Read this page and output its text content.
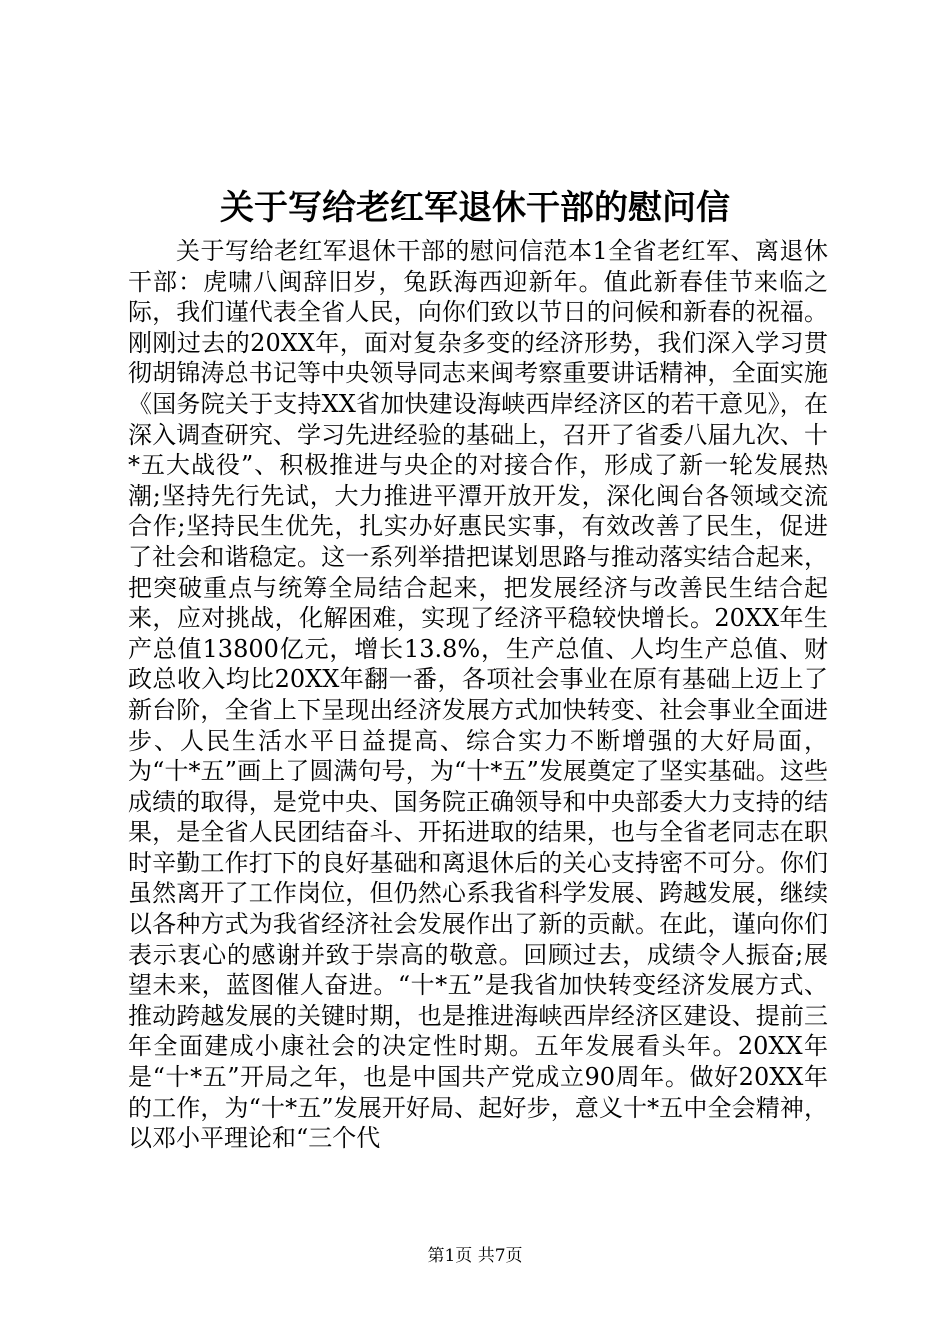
关于写给老红军退休干部的慰问信

关于写给老红军退休干部的慰问信范本1全省老红军、离退休干部：虎啸八闽辞旧岁，兔跃海西迎新年。值此新春佳节来临之际，我们谨代表全省人民，向你们致以节日的问候和新春的祝福。刚刚过去的20XX年，面对复杂多变的经济形势，我们深入学习贯彻胡锦涛总书记等中央领导同志来闽考察重要讲话精神，全面实施《国务院关于支持XX省加快建设海峡西岸经济区的若干意见》，在深入调查研究、学习先进经验的基础上，召开了省委八届九次、十*五大战役”、积极推进与央企的对接合作，形成了新一轮发展热潮;坚持先行先试，大力推进平潭开放开发，深化闽台各领域交流合作;坚持民生优先，扎实办好惠民实事，有效改善了民生，促进了社会和谐稳定。这一系列举措把谋划思路与推动落实结合起来，把突破重点与统筹全局结合起来，把发展经济与改善民生结合起来，应对挑战，化解困难，实现了经济平稳较快增长。20XX年生产总值13800亿元，增长13.8%，生产总值、人均生产总值、财政总收入均比20XX年翻一番，各项社会事业在原有基础上迈上了新台阶，全省上下呈现出经济发展方式加快转变、社会事业全面进步、人民生活水平日益提高、综合实力不断增强的大好局面，为“十*五”画上了圆满句号，为“十*五”发展奠定了坚实基础。这些成绩的取得，是党中央、国务院正确领导和中央部委大力支持的结果，是全省人民团结奋斗、开拓进取的结果，也与全省老同志在职时辛勤工作打下的良好基础和离退休后的关心支持密不可分。你们虽然离开了工作岗位，但仍然心系我省科学发展、跨越发展，继续以各种方式为我省经济社会发展作出了新的贡献。在此，谨向你们表示衷心的感谢并致于崇高的敬意。回顾过去，成绩令人振奋;展望未来，蓝图催人奋进。“十*五”是我省加快转变经济发展方式、推动跨越发展的关键时期，也是推进海峡西岸经济区建设、提前三年全面建成小康社会的决定性时期。五年发展看头年。20XX年是“十*五”开局之年，也是中国共产党成立90周年。做好20XX年的工作，为“十*五”发展开好局、起好步，意义十*五中全会精神，以邓小平理论和“三个代

第1页 共7页
